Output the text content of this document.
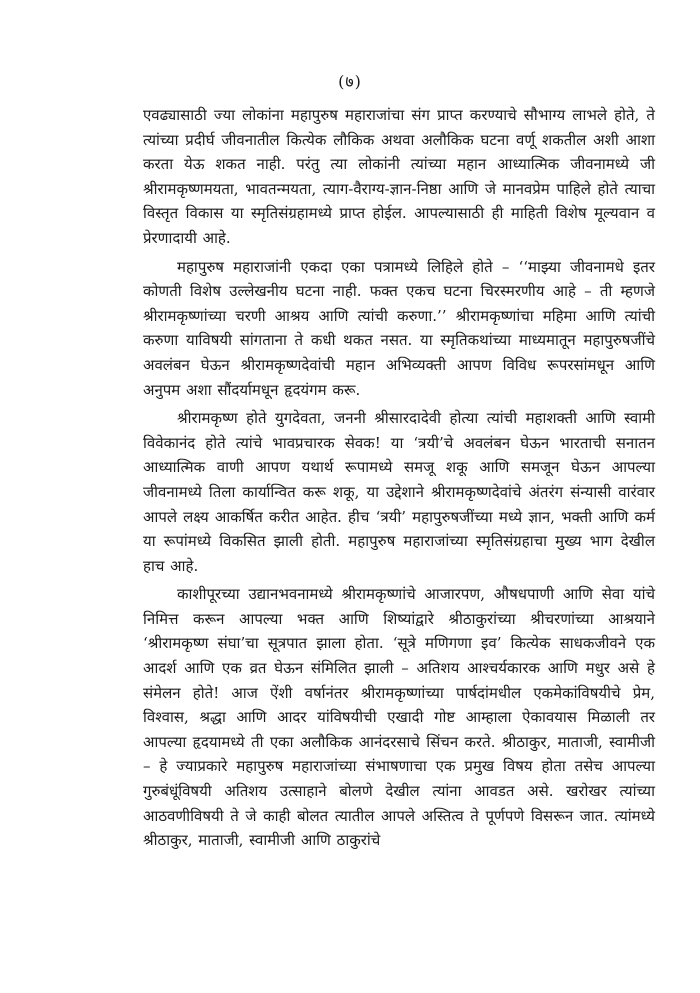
(७)

एवढ्यासाठी ज्या लोकांना महापुरुष महाराजांचा संग प्राप्त करण्याचे सौभाग्य लाभले होते, ते त्यांच्या प्रदीर्घ जीवनातील कित्येक लौकिक अथवा अलौकिक घटना वर्णू शकतील अशी आशा करता येऊ शकत नाही. परंतु त्या लोकांनी त्यांच्या महान आध्यात्मिक जीवनामध्ये जी श्रीरामकृष्णमयता, भावतन्मयता, त्याग-वैराग्य-ज्ञान-निष्ठा आणि जे मानवप्रेम पाहिले होते त्याचा विस्तृत विकास या स्मृतिसंग्रहामध्ये प्राप्त होईल. आपल्यासाठी ही माहिती विशेष मूल्यवान व प्रेरणादायी आहे.

महापुरुष महाराजांनी एकदा एका पत्रामध्ये लिहिले होते – ‘‘माझ्या जीवनामधे इतर कोणती विशेष उल्लेखनीय घटना नाही. फक्त एकच घटना चिरस्मरणीय आहे – ती म्हणजे श्रीरामकृष्णांच्या चरणी आश्रय आणि त्यांची करुणा.’’ श्रीरामकृष्णांचा महिमा आणि त्यांची करुणा याविषयी सांगताना ते कधी थकत नसत. या स्मृतिकथांच्या माध्यमातून महापुरुषजींचे अवलंबन घेऊन श्रीरामकृष्णदेवांची महान अभिव्यक्ती आपण विविध रूपरसांमधून आणि अनुपम अशा सौंदर्यामधून हृदयंगम करू.

श्रीरामकृष्ण होते युगदेवता, जननी श्रीसारदादेवी होत्या त्यांची महाशक्ती आणि स्वामी विवेकानंद होते त्यांचे भावप्रचारक सेवक! या ‘त्रयी’चे अवलंबन घेऊन भारताची सनातन आध्यात्मिक वाणी आपण यथार्थ रूपामध्ये समजू शकू आणि समजून घेऊन आपल्या जीवनामध्ये तिला कार्यान्वित करू शकू, या उद्देशाने श्रीरामकृष्णदेवांचे अंतरंग संन्यासी वारंवार आपले लक्ष्य आकर्षित करीत आहेत. हीच ‘त्रयी’ महापुरुषजींच्या मध्ये ज्ञान, भक्ती आणि कर्म या रूपांमध्ये विकसित झाली होती. महापुरुष महाराजांच्या स्मृतिसंग्रहाचा मुख्य भाग देखील हाच आहे.

काशीपूरच्या उद्यानभवनामध्ये श्रीरामकृष्णांचे आजारपण, औषधपाणी आणि सेवा यांचे निमित्त करून आपल्या भक्त आणि शिष्यांद्वारे श्रीठाकुरांच्या श्रीचरणांच्या आश्रयाने ‘श्रीरामकृष्ण संघा’चा सूत्रपात झाला होता. ‘सूत्रे मणिगणा इव’ कित्येक साधकजीवने एक आदर्श आणि एक व्रत घेऊन संमिलित झाली – अतिशय आश्चर्यकारक आणि मधुर असे हे संमेलन होते! आज ऐंशी वर्षानंतर श्रीरामकृष्णांच्या पार्षदांमधील एकमेकांविषयीचे प्रेम, विश्वास, श्रद्धा आणि आदर यांविषयीची एखादी गोष्ट आम्हाला ऐकावयास मिळाली तर आपल्या हृदयामध्ये ती एका अलौकिक आनंदरसाचे सिंचन करते. श्रीठाकुर, माताजी, स्वामीजी – हे ज्याप्रकारे महापुरुष महाराजांच्या संभाषणाचा एक प्रमुख विषय होता तसेच आपल्या गुरुबंधूंविषयी अतिशय उत्साहाने बोलणे देखील त्यांना आवडत असे. खरोखर त्यांच्या आठवणीविषयी ते जे काही बोलत त्यातील आपले अस्तित्व ते पूर्णपणे विसरून जात. त्यांमध्ये श्रीठाकुर, माताजी, स्वामीजी आणि ठाकुरांचे
